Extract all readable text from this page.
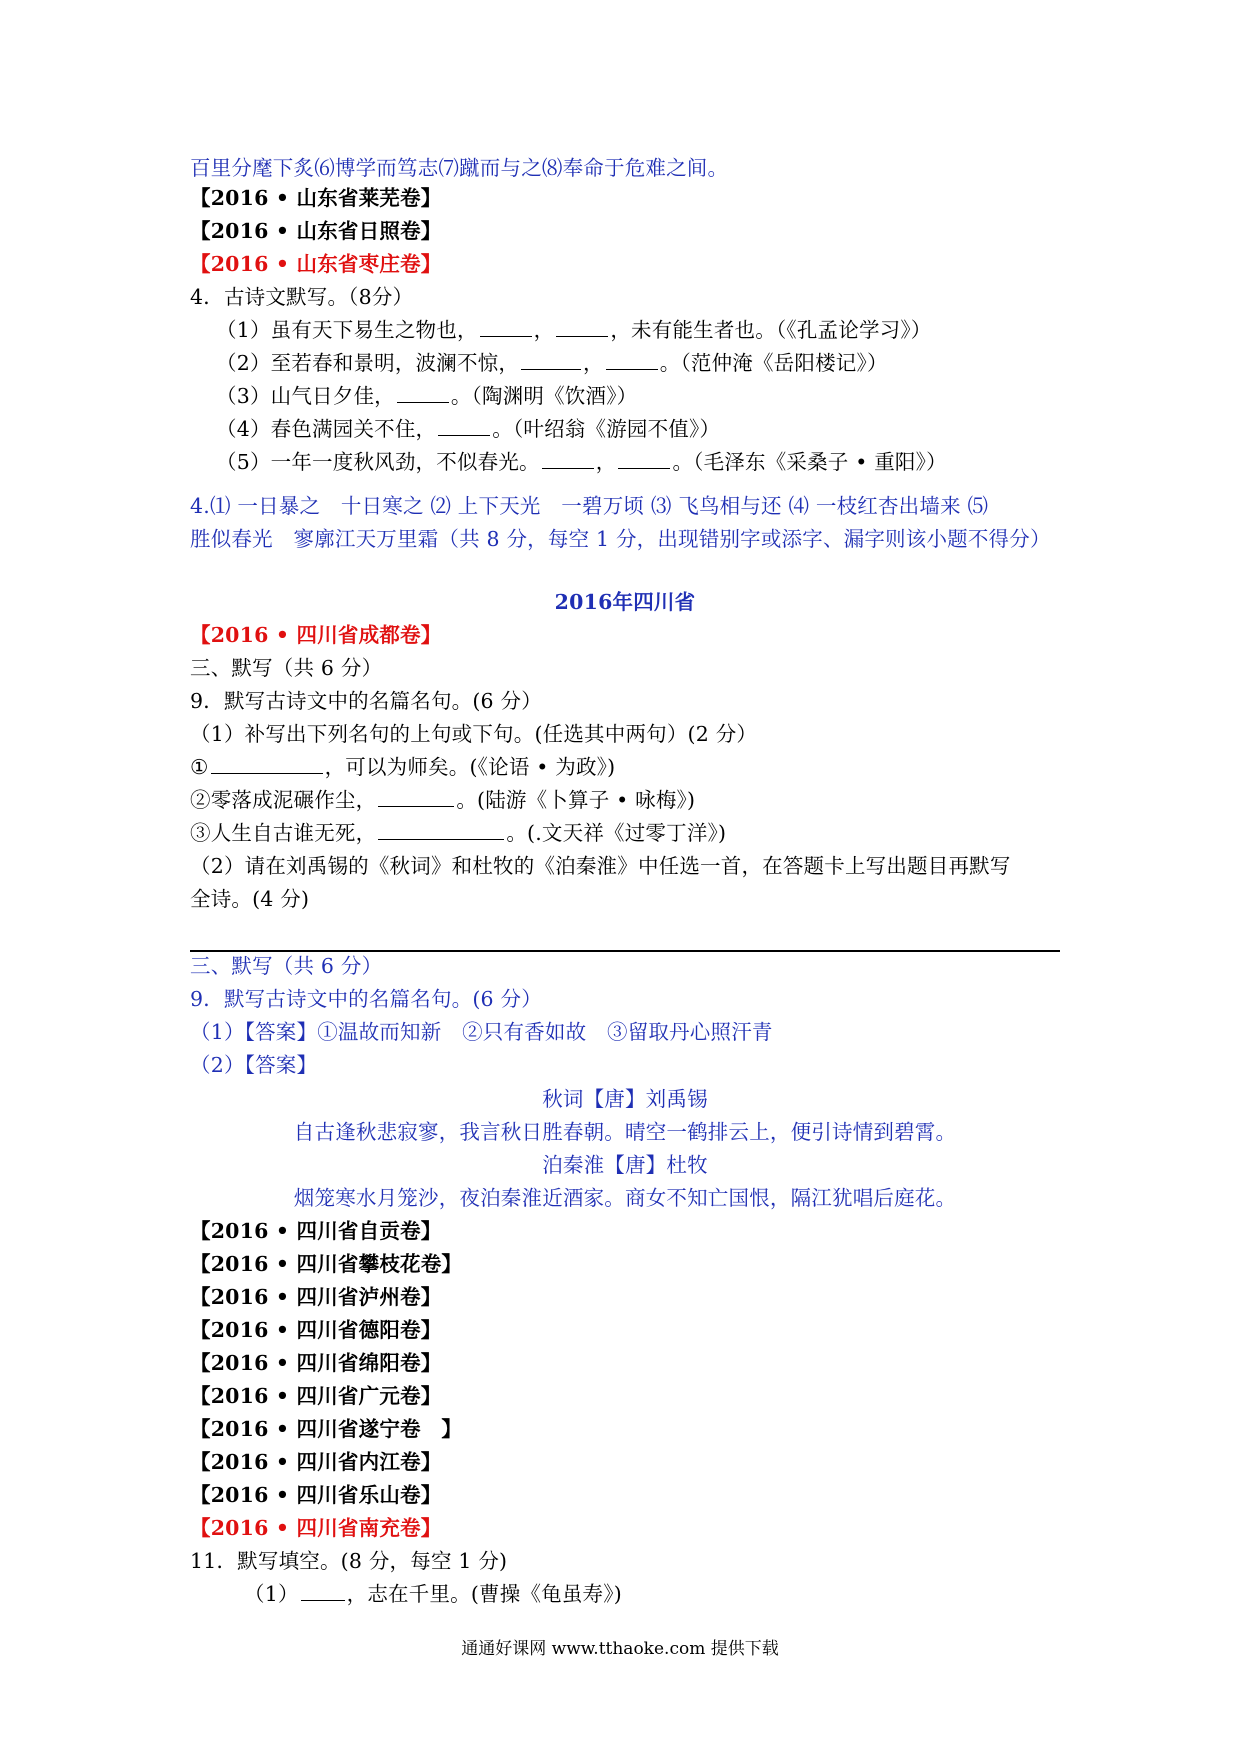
百里分麾下炙⑹博学而笃志⑺蹴而与之⑻奉命于危难之间。
【2016 • 山东省莱芜卷】
【2016 • 山东省日照卷】
【2016 • 山东省枣庄卷】
4．古诗文默写。（8分）
（1）虽有天下易生之物也，	，	，未有能生者也。（《孔孟论学习》）
（2）至若春和景明，波澜不惊，	，	。（范仲淹《岳阳楼记》）
（3）山气日夕佳，	。（陶渊明《饮酒》）
（4）春色满园关不住，	。（叶绍翁《游园不值》）
（5）一年一度秋风劲，不似春光。	，	。（毛泽东《采桑子 • 重阳》）
4.⑴ 一日暴之　十日寒之 ⑵ 上下天光　一碧万顷 ⑶ 飞鸟相与还 ⑷ 一枝红杏出墙来 ⑸
胜似春光　寥廓江天万里霜（共 8 分，每空 1 分，出现错别字或添字、漏字则该小题不得分）
2016年四川省
【2016 • 四川省成都卷】
三、默写（共 6 分）
9．默写古诗文中的名篇名句。(6 分）
（1）补写出下列名句的上句或下句。(任选其中两句）(2 分）
①	，可以为师矣。(《论语 • 为政》)
②零落成泥碾作尘，	。(陆游《卜算子 • 咏梅》)
③人生自古谁无死，	。(.文天祥《过零丁洋》)
（2）请在刘禹锡的《秋词》和杜牧的《泊秦淮》中任选一首，在答题卡上写出题目再默写
全诗。(4 分)
三、默写（共 6 分）
9．默写古诗文中的名篇名句。(6 分）
（1）【答案】①温故而知新　②只有香如故　③留取丹心照汗青
（2）【答案】
秋词【唐】刘禹锡
自古逢秋悲寂寥，我言秋日胜春朝。晴空一鹤排云上，便引诗情到碧霄。
泊秦淮【唐】杜牧
烟笼寒水月笼沙，夜泊秦淮近酒家。商女不知亡国恨，隔江犹唱后庭花。
【2016 • 四川省自贡卷】
【2016 • 四川省攀枝花卷】
【2016 • 四川省泸州卷】
【2016 • 四川省德阳卷】
【2016 • 四川省绵阳卷】
【2016 • 四川省广元卷】
【2016 • 四川省遂宁卷　】
【2016 • 四川省内江卷】
【2016 • 四川省乐山卷】
【2016 • 四川省南充卷】
11．默写填空。(8 分，每空 1 分)
（1） ，志在千里。(曹操《龟虽寿》)
通通好课网 www.tthaoke.com 提供下载
